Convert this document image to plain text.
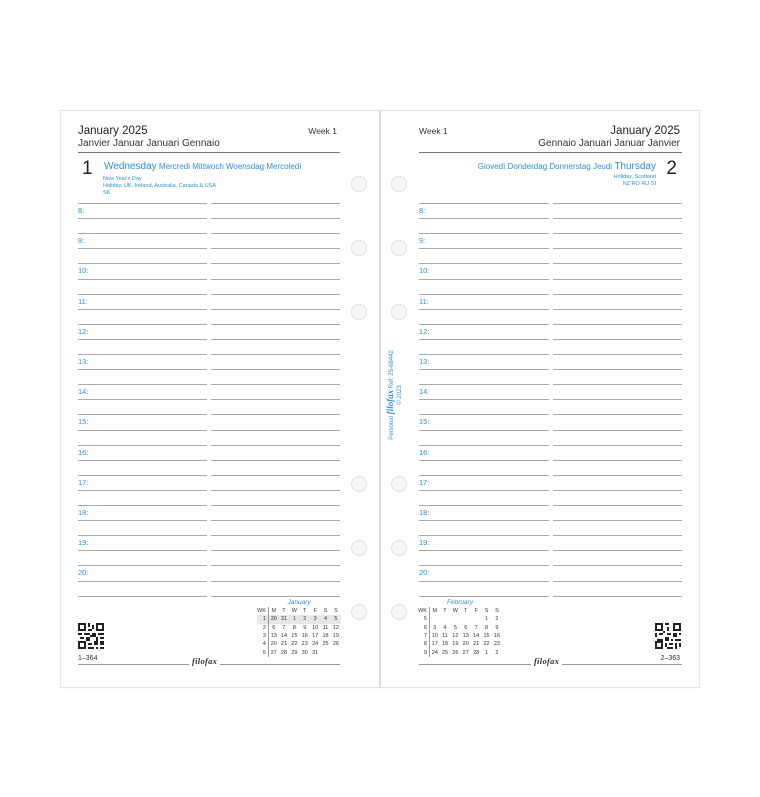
January 2025
Janvier Januar Januari Gennaio
Week 1
1 Wednesday Mercredi Mittwoch Woensdag Mercoledì
New Year's Day
Holiday, UK, Ireland, Australia, Canada & USA
SK
8:
9:
10:
11:
12:
13:
14:
15:
16:
17:
18:
19:
20:
1–364
January
WK	M	T	W	T	F	S	S
1	30	31	1	2	3	4	5
2	6	7	8	9	10	11	12
3	13	14	15	16	17	18	19
4	20	21	22	23	24	25	26
5	27	28	29	30	31		
filofax
Week 1	January 2025
Gennaio Januari Januar Janvier
Giovedì Donderdag Donnerstag Jeudi Thursday 2
Holiday, Scotland
NZ RO RU SI
8:
9:
10:
11:
12:
13:
14:
15:
16:
17:
18:
19:
20:
February
WK	M	T	W	T	F	S	S
5						1	2
6	3	4	5	6	7	8	9
7	10	11	12	13	14	15	16
8	17	18	19	20	21	22	23
9	24	25	26	27	28	1	2
2–363
filofax
Personal filofax Ref: 25-68442
© 2023
